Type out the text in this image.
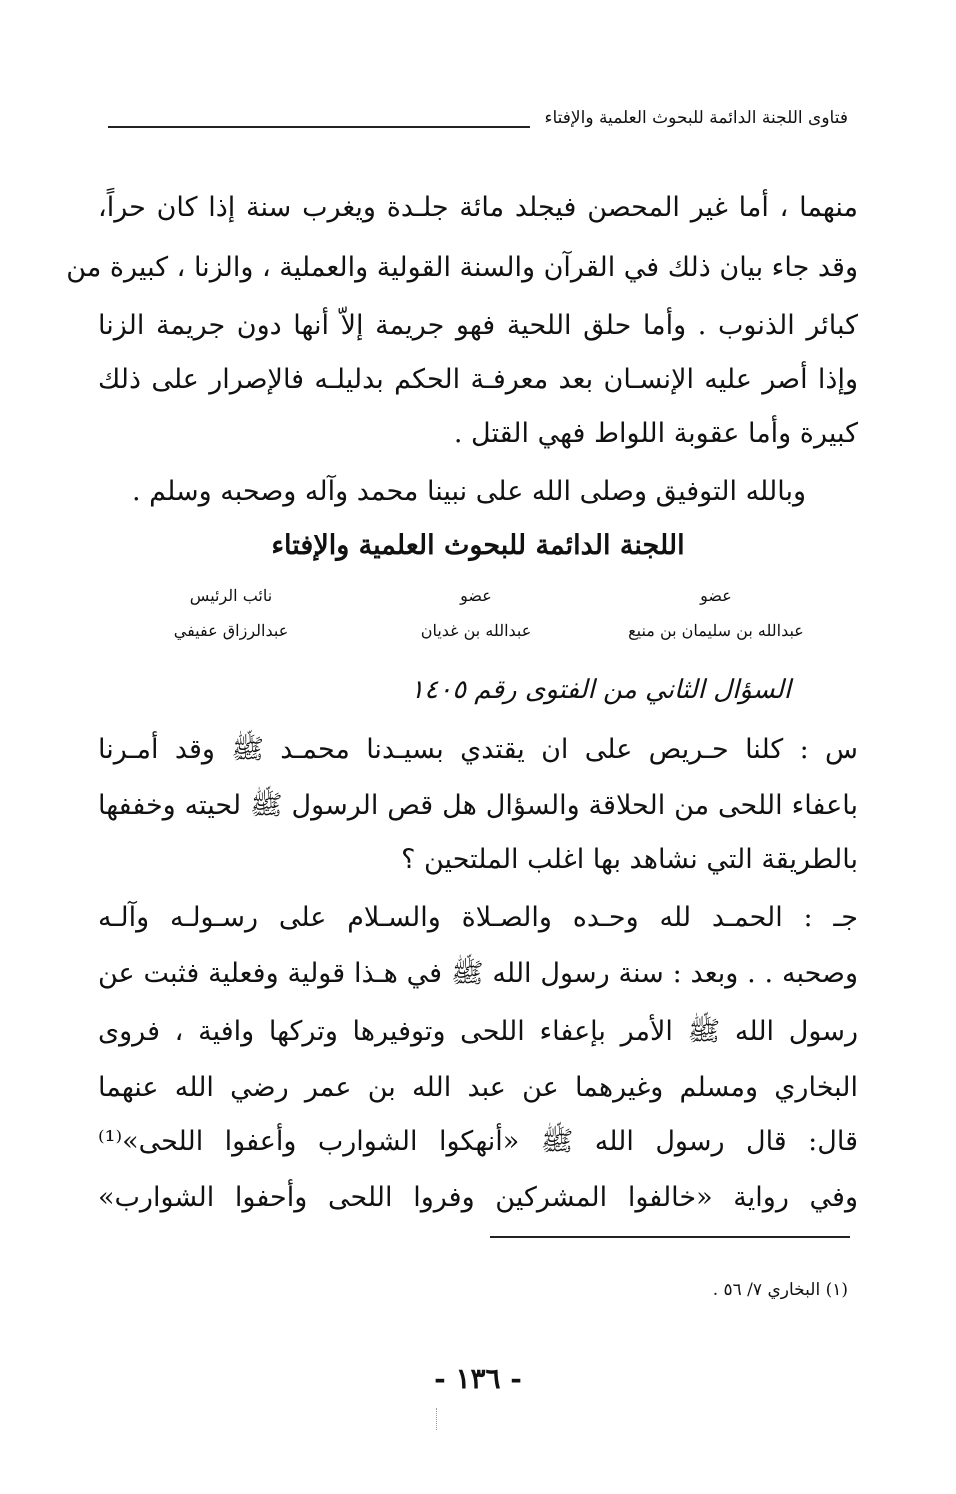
فتاوى اللجنة الدائمة للبحوث العلمية والإفتاء
منهما ، أما غير المحصن فيجلد مائة جلـدة ويغرب سنة إذا كان حراً،
وقد جاء بيان ذلك في القرآن والسنة القولية والعملية ، والزنا ، كبيرة من
كبائر الذنوب . وأما حلق اللحية فهو جريمة إلاّ أنها دون جريمة الزنا
وإذا أصر عليه الإنسـان بعد معرفـة الحكم بدليلـه فالإصرار على ذلك
كبيرة وأما عقوبة اللواط فهي القتل .
وبالله التوفيق وصلى الله على نبينا محمد وآله وصحبه وسلم .
اللجنة الدائمة للبحوث العلمية والإفتاء
عضو
عبدالله بن سليمان بن منيع
عضو
عبدالله بن غديان
نائب الرئيس
عبدالرزاق عفيفي
السؤال الثاني من الفتوى رقم ١٤٠٥
س : كلنا حـريص على ان يقتدي بسيـدنا محمـد ﷺ وقد أمـرنا
باعفاء اللحى من الحلاقة والسؤال هل قص الرسول ﷺ لحيته وخففها
بالطريقة التي نشاهد بها اغلب الملتحين ؟
جـ : الحمـد لله وحـده والصـلاة والسـلام على رسـولـه وآلـه
وصحبه . . وبعد : سنة رسول الله ﷺ في هـذا قولية وفعلية فثبت عن
رسول الله ﷺ الأمر بإعفاء اللحى وتوفيرها وتركها وافية ، فروى
البخاري ومسلم وغيرهما عن عبد الله بن عمر رضي الله عنهما
قال: قال رسول الله ﷺ «أنهكوا الشوارب وأعفوا اللحى»⁽¹⁾
وفي رواية «خالفوا المشركين وفروا اللحى وأحفوا الشوارب»
(١) البخاري ٧/ ٥٦ .
- ١٣٦ -
